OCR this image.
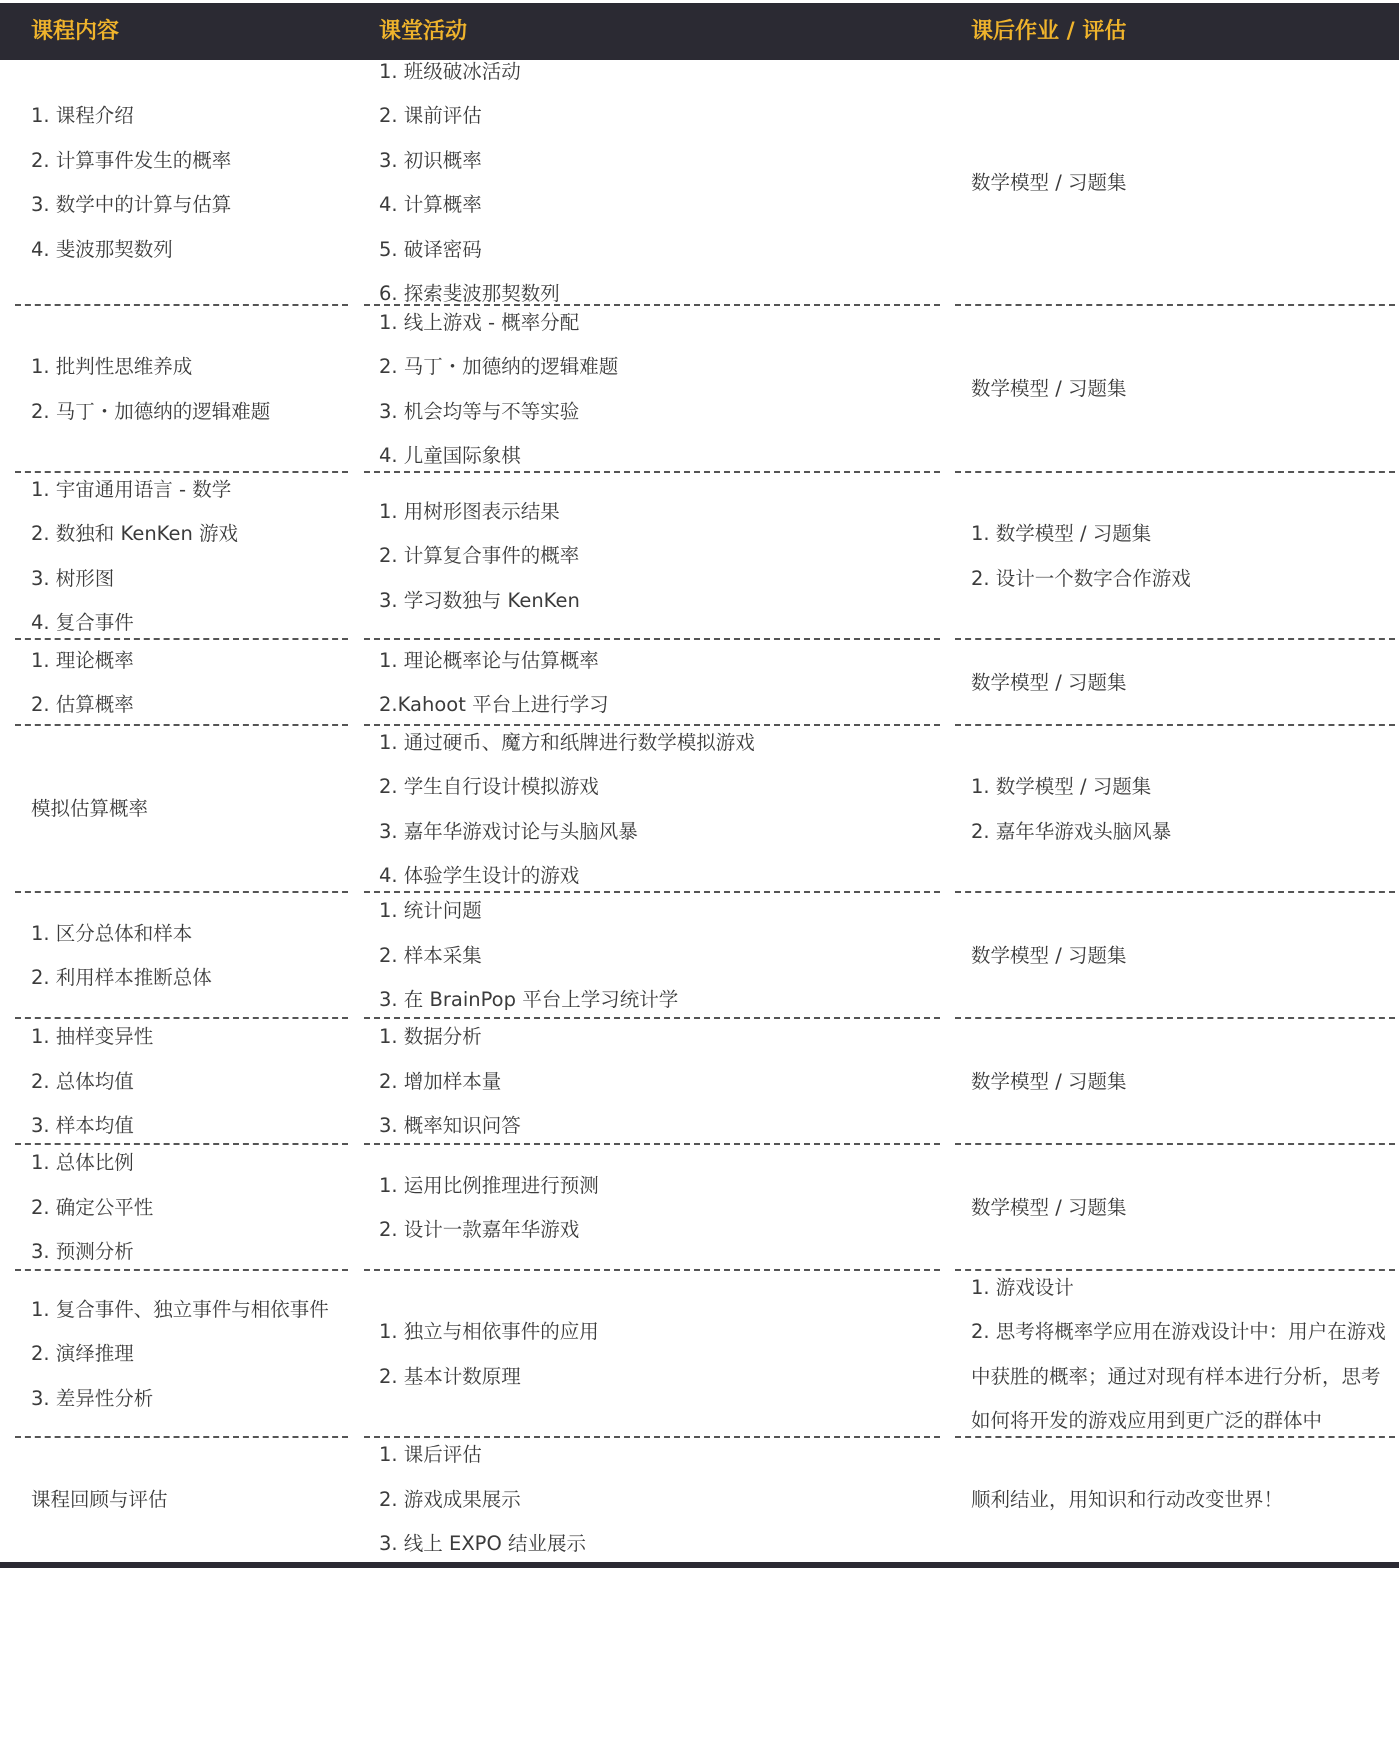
课程内容	课堂活动	课后作业 / 评估
1. 课程介绍
2. 计算事件发生的概率
3. 数学中的计算与估算
4. 斐波那契数列
1. 班级破冰活动
2. 课前评估
3. 初识概率
4. 计算概率
5. 破译密码
6. 探索斐波那契数列
数学模型 / 习题集
1. 批判性思维养成
2. 马丁・加德纳的逻辑难题
1. 线上游戏 - 概率分配
2. 马丁・加德纳的逻辑难题
3. 机会均等与不等实验
4. 儿童国际象棋
数学模型 / 习题集
1. 宇宙通用语言 - 数学
2. 数独和 KenKen 游戏
3. 树形图
4. 复合事件
1. 用树形图表示结果
2. 计算复合事件的概率
3. 学习数独与 KenKen
1. 数学模型 / 习题集
2. 设计一个数字合作游戏
1. 理论概率
2. 估算概率
1. 理论概率论与估算概率
2.Kahoot 平台上进行学习
数学模型 / 习题集
模拟估算概率
1. 通过硬币、魔方和纸牌进行数学模拟游戏
2. 学生自行设计模拟游戏
3. 嘉年华游戏讨论与头脑风暴
4. 体验学生设计的游戏
1. 数学模型 / 习题集
2. 嘉年华游戏头脑风暴
1. 区分总体和样本
2. 利用样本推断总体
1. 统计问题
2. 样本采集
3. 在 BrainPop 平台上学习统计学
数学模型 / 习题集
1. 抽样变异性
2. 总体均值
3. 样本均值
1. 数据分析
2. 增加样本量
3. 概率知识问答
数学模型 / 习题集
1. 总体比例
2. 确定公平性
3. 预测分析
1. 运用比例推理进行预测
2. 设计一款嘉年华游戏
数学模型 / 习题集
1. 复合事件、独立事件与相依事件
2. 演绎推理
3. 差异性分析
1. 独立与相依事件的应用
2. 基本计数原理
1. 游戏设计
2. 思考将概率学应用在游戏设计中：用户在游戏
中获胜的概率；通过对现有样本进行分析，思考
如何将开发的游戏应用到更广泛的群体中
课程回顾与评估
1. 课后评估
2. 游戏成果展示
3. 线上 EXPO 结业展示
顺利结业，用知识和行动改变世界！
